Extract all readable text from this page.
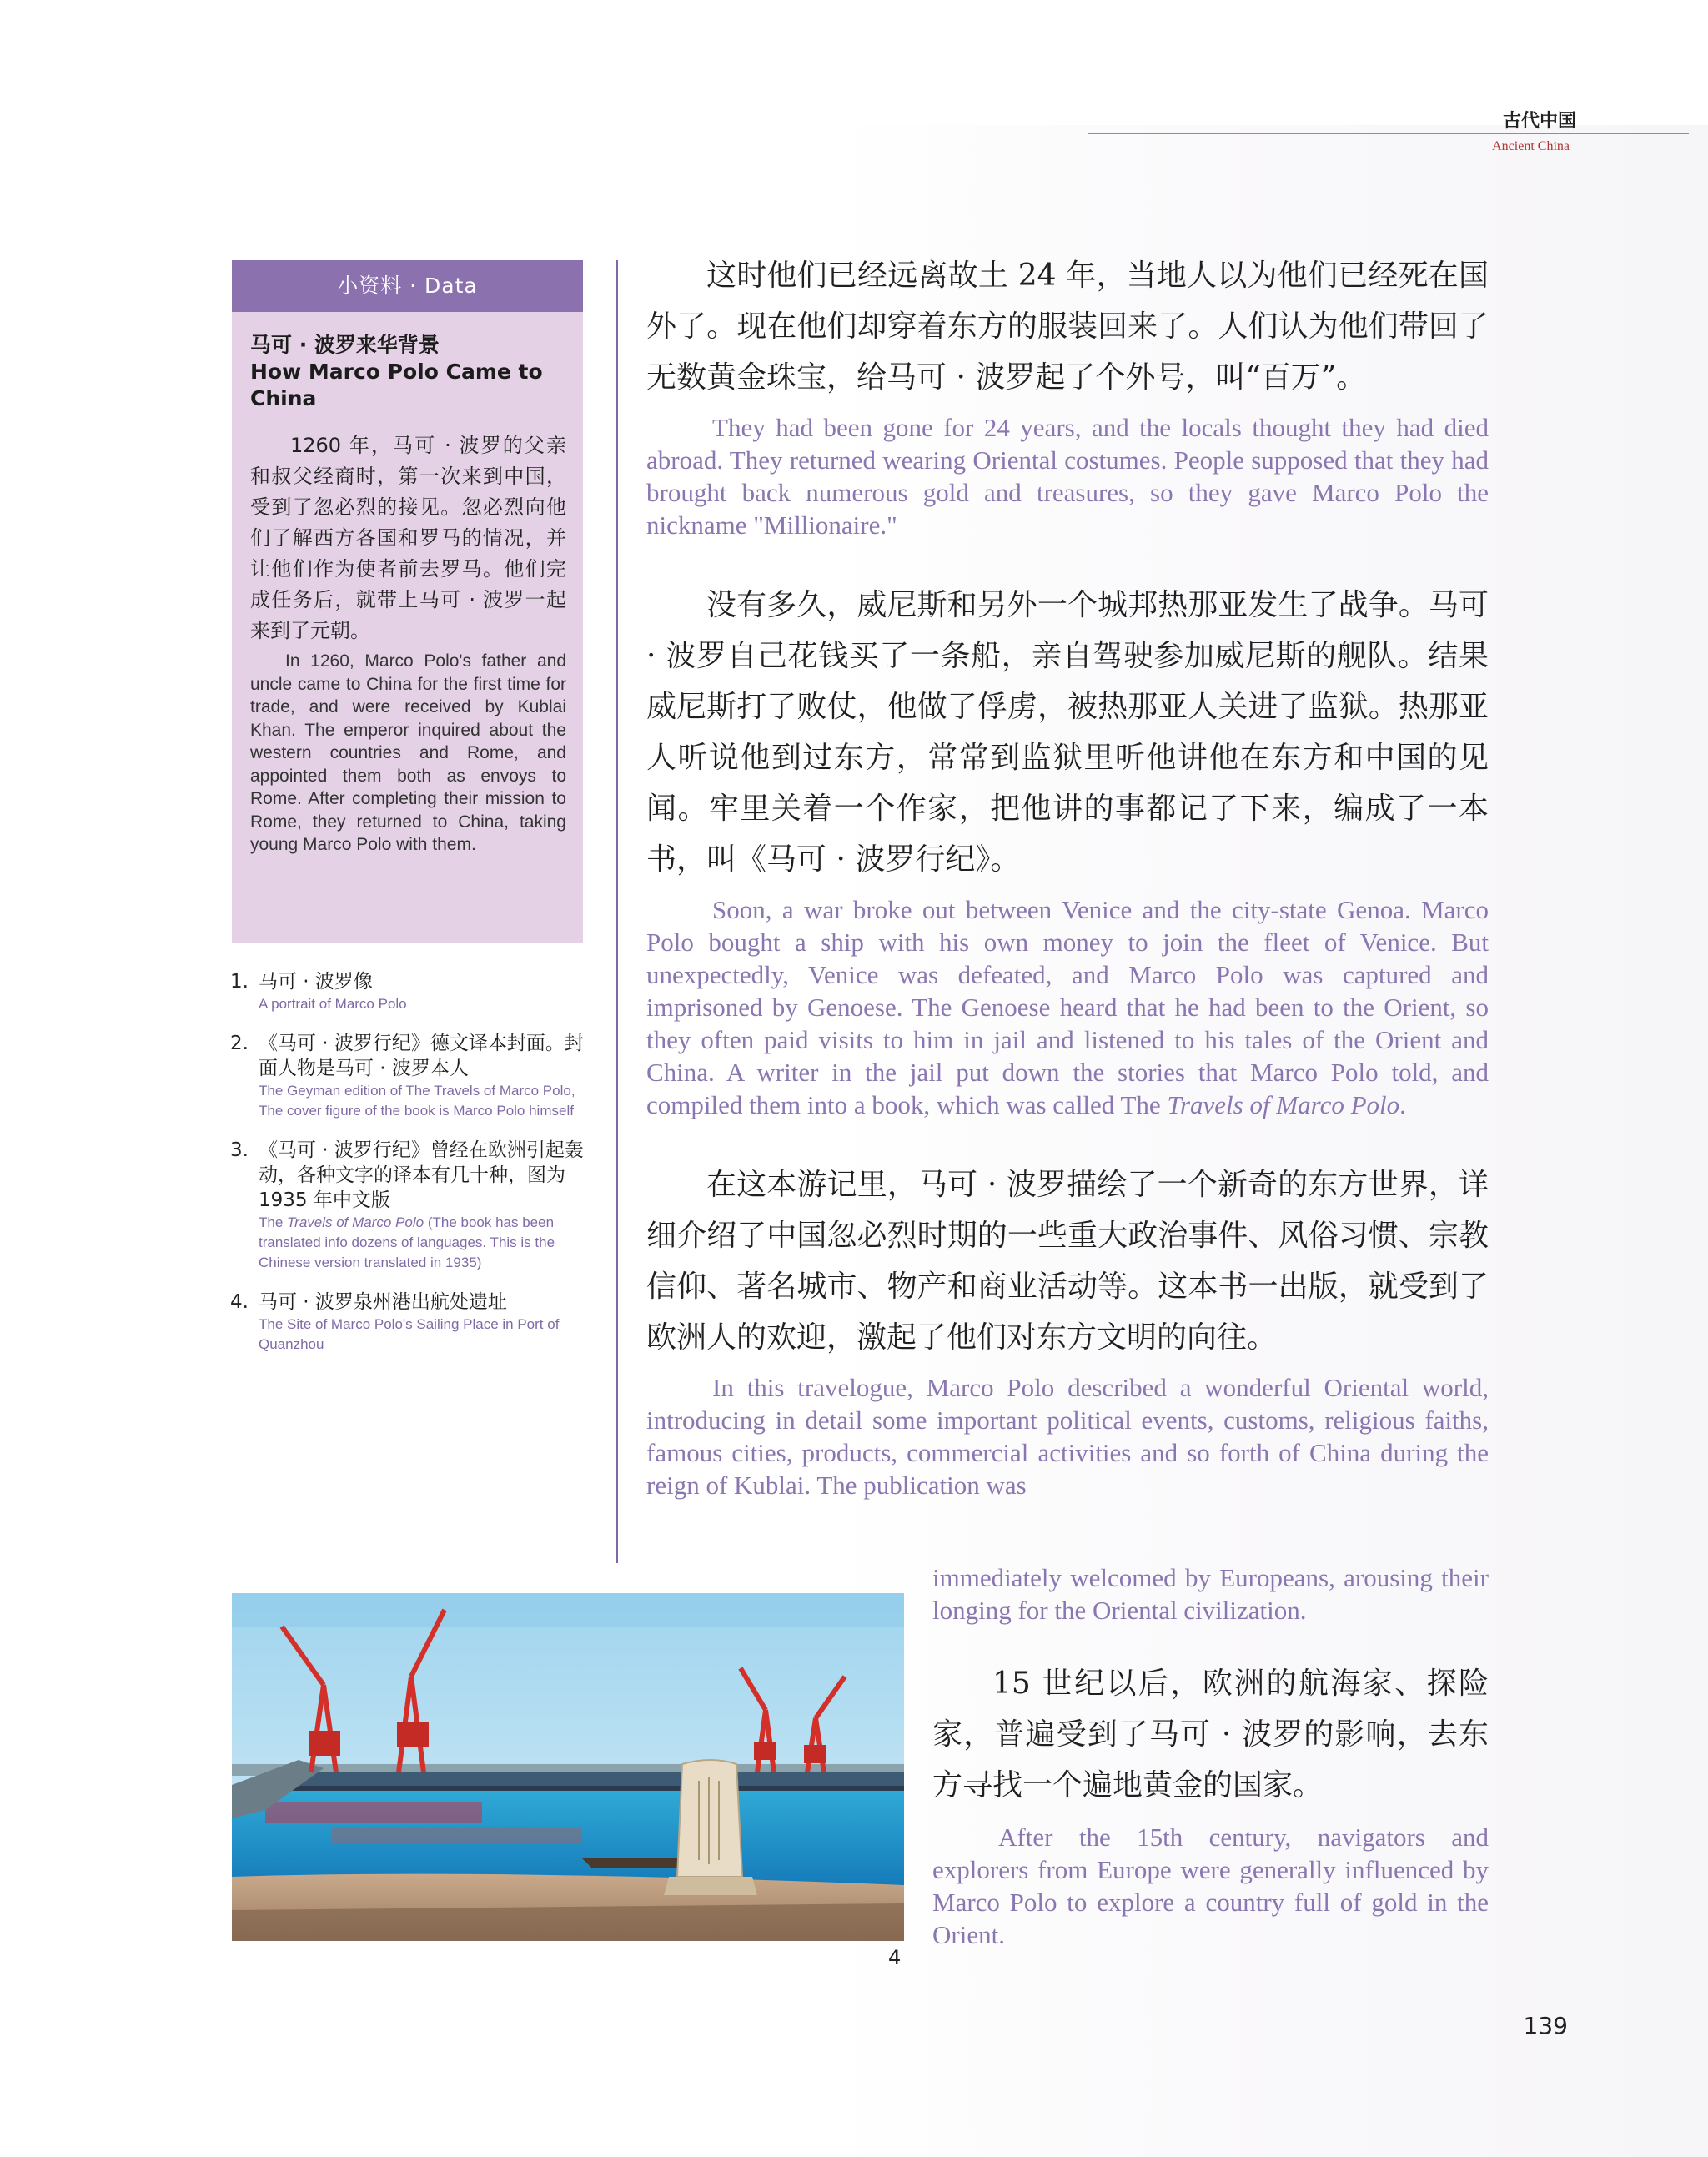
古代中国
Ancient China
小资料 · Data
马可 · 波罗来华背景
How Marco Polo Came to China

1260 年，马可 · 波罗的父亲和叔父经商时，第一次来到中国，受到了忽必烈的接见。忽必烈向他们了解西方各国和罗马的情况，并让他们作为使者前去罗马。他们完成任务后，就带上马可 · 波罗一起来到了元朝。

In 1260, Marco Polo's father and uncle came to China for the first time for trade, and were received by Kublai Khan. The emperor inquired about the western countries and Rome, and appointed them both as envoys to Rome. After completing their mission to Rome, they returned to China, taking young Marco Polo with them.

1. 马可 · 波罗像
A portrait of Marco Polo
2. 《马可 · 波罗行纪》德文译本封面。封面人物是马可 · 波罗本人
The Geyman edition of The Travels of Marco Polo, The cover figure of the book is Marco Polo himself
3. 《马可 · 波罗行纪》曾经在欧洲引起轰动，各种文字的译本有几十种，图为 1935 年中文版
The Travels of Marco Polo (The book has been translated info dozens of languages. This is the Chinese version translated in 1935)
4. 马可 · 波罗泉州港出航处遗址
The Site of Marco Polo's Sailing Place in Port of Quanzhou

这时他们已经远离故土 24 年，当地人以为他们已经死在国外了。现在他们却穿着东方的服装回来了。人们认为他们带回了无数黄金珠宝，给马可 · 波罗起了个外号，叫“百万”。

They had been gone for 24 years, and the locals thought they had died abroad. They returned wearing Oriental costumes. People supposed that they had brought back numerous gold and treasures, so they gave Marco Polo the nickname "Millionaire."

没有多久，威尼斯和另外一个城邦热那亚发生了战争。马可 · 波罗自己花钱买了一条船，亲自驾驶参加威尼斯的舰队。结果威尼斯打了败仗，他做了俘虏，被热那亚人关进了监狱。热那亚人听说他到过东方，常常到监狱里听他讲他在东方和中国的见闻。牢里关着一个作家，把他讲的事都记了下来，编成了一本书，叫《马可 · 波罗行纪》。

Soon, a war broke out between Venice and the city-state Genoa. Marco Polo bought a ship with his own money to join the fleet of Venice. But unexpectedly, Venice was defeated, and Marco Polo was captured and imprisoned by Genoese. The Genoese heard that he had been to the Orient, so they often paid visits to him in jail and listened to his tales of the Orient and China. A writer in the jail put down the stories that Marco Polo told, and compiled them into a book, which was called The Travels of Marco Polo.

在这本游记里，马可 · 波罗描绘了一个新奇的东方世界，详细介绍了中国忽必烈时期的一些重大政治事件、风俗习惯、宗教信仰、著名城市、物产和商业活动等。这本书一出版，就受到了欧洲人的欢迎，激起了他们对东方文明的向往。

In this travelogue, Marco Polo described a wonderful Oriental world, introducing in detail some important political events, customs, religious faiths, famous cities, products, commercial activities and so forth of China during the reign of Kublai. The publication was

immediately welcomed by Europeans, arousing their longing for the Oriental civilization.

15 世纪以后，欧洲的航海家、探险家，普遍受到了马可 · 波罗的影响，去东方寻找一个遍地黄金的国家。

After the 15th century, navigators and explorers from Europe were generally influenced by Marco Polo to explore a country full of gold in the Orient.

4
139
